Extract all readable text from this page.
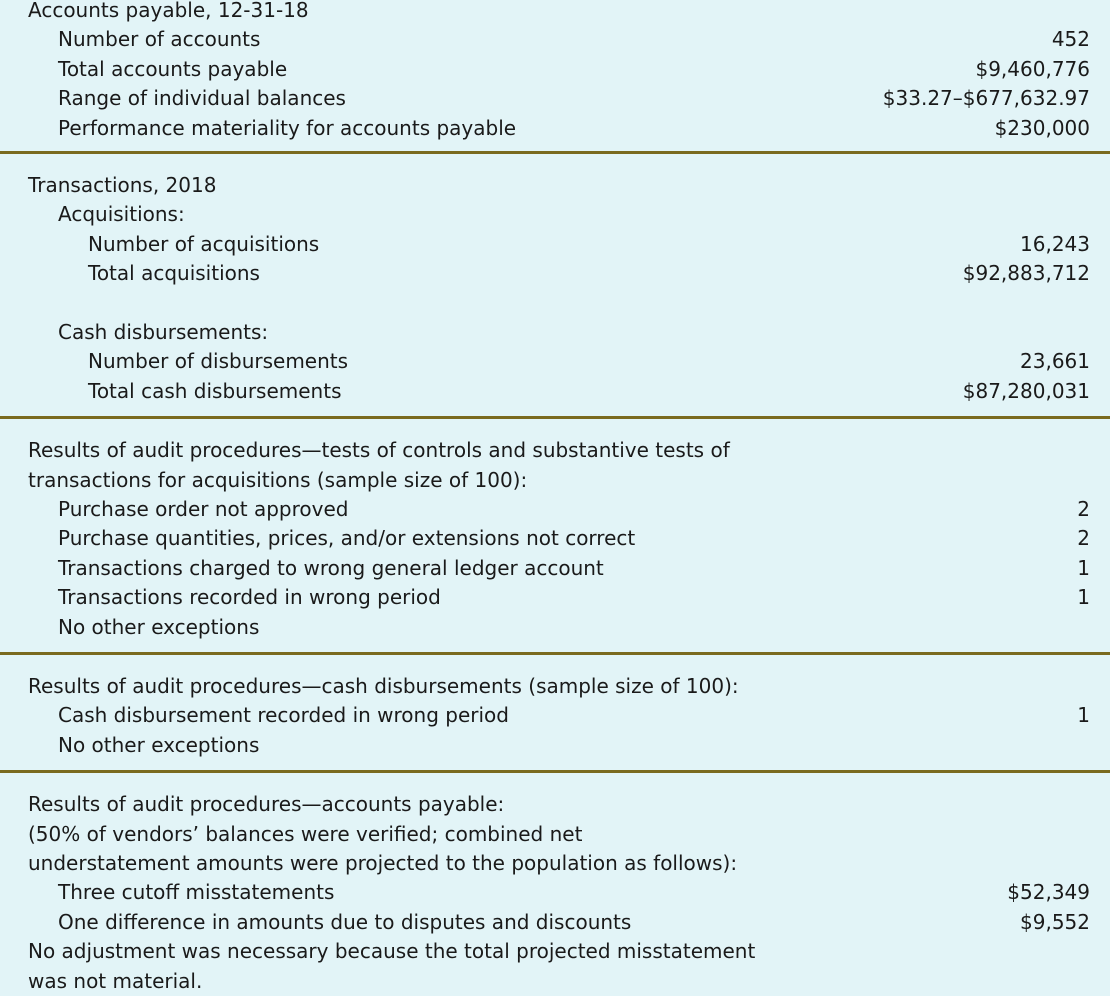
Accounts payable, 12-31-18
Number of accounts	452
Total accounts payable	$9,460,776
Range of individual balances	$33.27–$677,632.97
Performance materiality for accounts payable	$230,000
Transactions, 2018
Acquisitions:
Number of acquisitions	16,243
Total acquisitions	$92,883,712
Cash disbursements:
Number of disbursements	23,661
Total cash disbursements	$87,280,031
Results of audit procedures—tests of controls and substantive tests of
transactions for acquisitions (sample size of 100):
Purchase order not approved	2
Purchase quantities, prices, and/or extensions not correct	2
Transactions charged to wrong general ledger account	1
Transactions recorded in wrong period	1
No other exceptions
Results of audit procedures—cash disbursements (sample size of 100):
Cash disbursement recorded in wrong period	1
No other exceptions
Results of audit procedures—accounts payable:
(50% of vendors’ balances were verified; combined net
understatement amounts were projected to the population as follows):
Three cutoff misstatements	$52,349
One difference in amounts due to disputes and discounts	$9,552
No adjustment was necessary because the total projected misstatement
was not material.
